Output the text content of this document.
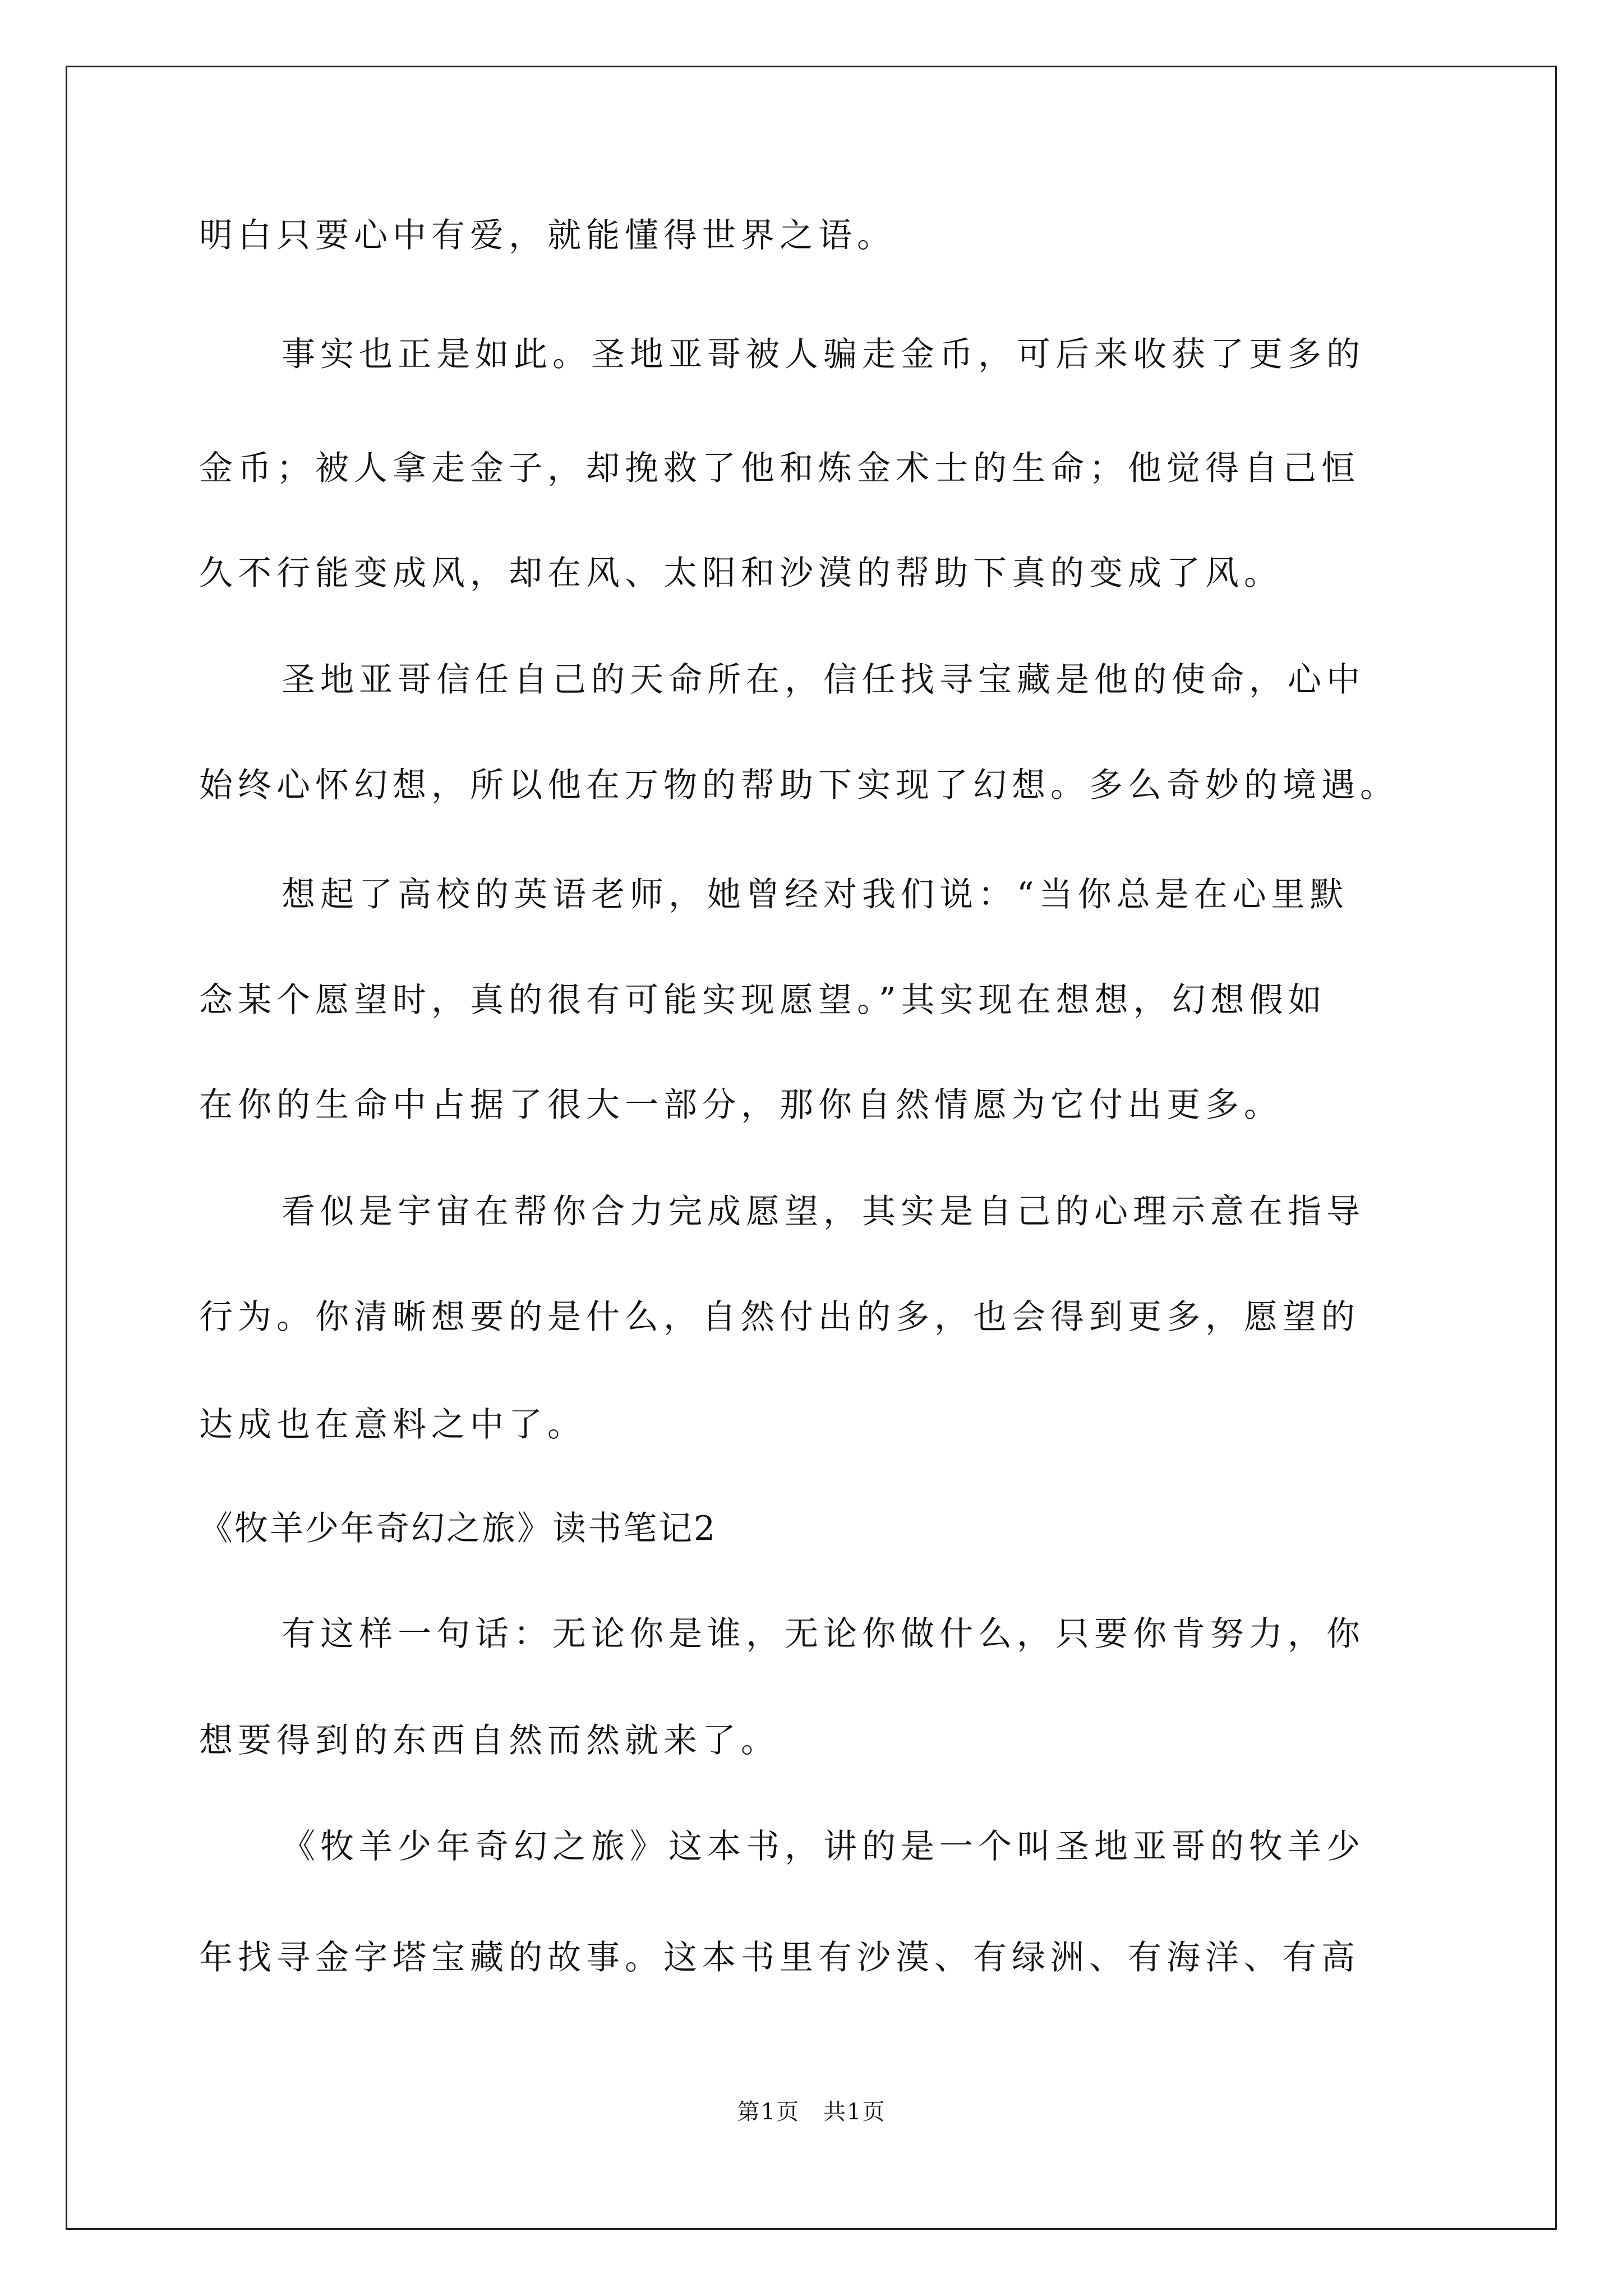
明白只要心中有爱，就能懂得世界之语。
事实也正是如此。圣地亚哥被人骗走金币，可后来收获了更多的
金币；被人拿走金子，却挽救了他和炼金术士的生命；他觉得自己恒
久不行能变成风，却在风、太阳和沙漠的帮助下真的变成了风。
圣地亚哥信任自己的天命所在，信任找寻宝藏是他的使命，心中
始终心怀幻想，所以他在万物的帮助下实现了幻想。多么奇妙的境遇。
想起了高校的英语老师，她曾经对我们说：“当你总是在心里默
念某个愿望时，真的很有可能实现愿望。”其实现在想想，幻想假如
在你的生命中占据了很大一部分，那你自然情愿为它付出更多。
看似是宇宙在帮你合力完成愿望，其实是自己的心理示意在指导
行为。你清晰想要的是什么，自然付出的多，也会得到更多，愿望的
达成也在意料之中了。
《牧羊少年奇幻之旅》读书笔记2
有这样一句话：无论你是谁，无论你做什么，只要你肯努力，你
想要得到的东西自然而然就来了。
《牧羊少年奇幻之旅》这本书，讲的是一个叫圣地亚哥的牧羊少
年找寻金字塔宝藏的故事。这本书里有沙漠、有绿洲、有海洋、有高
第1页　共1页
